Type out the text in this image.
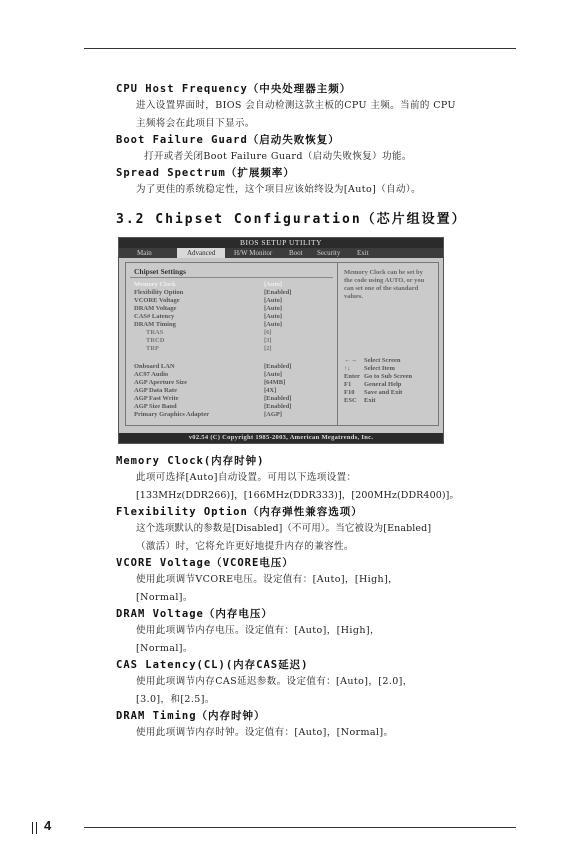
CPU Host Frequency（中央处理器主频）

进入设置界面时，BIOS 会自动检测这款主板的CPU 主频。当前的 CPU

主频将会在此项目下显示。

Boot Failure Guard（启动失败恢复）

打开或者关闭Boot Failure Guard（启动失败恢复）功能。

Spread Spectrum（扩展频率）

为了更佳的系统稳定性，这个项目应该始终设为[Auto]（自动）。

3.2 Chipset Configuration（芯片组设置）

BIOS SETUP UTILITY
Main	Advanced	H/W Monitor Boot Security Exit
Chipset Settings
Memory Clock	[Auto]
Flexibility Option	[Enabled]
VCORE Voltage	[Auto]
DRAM Voltage	[Auto]
CAS# Latency	[Auto]
DRAM Timing	[Auto]
TRAS	[6]
TRCD	[3]
TRP	[2]
Onboard LAN	[Enabled]
AC97 Audio	[Auto]
AGP Aperture Size	[64MB]
AGP Data Rate	[4X]
AGP Fast Write	[Enabled]
AGP Size Band	[Enabled]
Primary Graphics Adapter	[AGP]
Memory Clock can be set by the code using AUTO, or you can set one of the standard values.
←→ Select Screen
↑↓ Select Item
Enter Go to Sub Screen
F1 General Help
F10 Save and Exit
ESC Exit
v02.54 (C) Copyright 1985-2003, American Megatrends, Inc.

Memory Clock(内存时钟)

此项可选择[Auto]自动设置。可用以下选项设置：

[133MHz(DDR266)]，[166MHz(DDR333)]，[200MHz(DDR400)]。

Flexibility Option（内存弹性兼容选项）

这个选项默认的参数是[Disabled]（不可用）。当它被设为[Enabled]

（激活）时，它将允许更好地提升内存的兼容性。

VCORE Voltage（VCORE电压）

使用此项调节VCORE电压。设定值有：[Auto]，[High]，

[Normal]。

DRAM Voltage（内存电压）

使用此项调节内存电压。设定值有：[Auto]，[High]，

[Normal]。

CAS Latency(CL)(内存CAS延迟)

使用此项调节内存CAS延迟参数。设定值有：[Auto]，[2.0]，

[3.0]，和[2.5]。

DRAM Timing（内存时钟）

使用此项调节内存时钟。设定值有：[Auto]，[Normal]。

4
